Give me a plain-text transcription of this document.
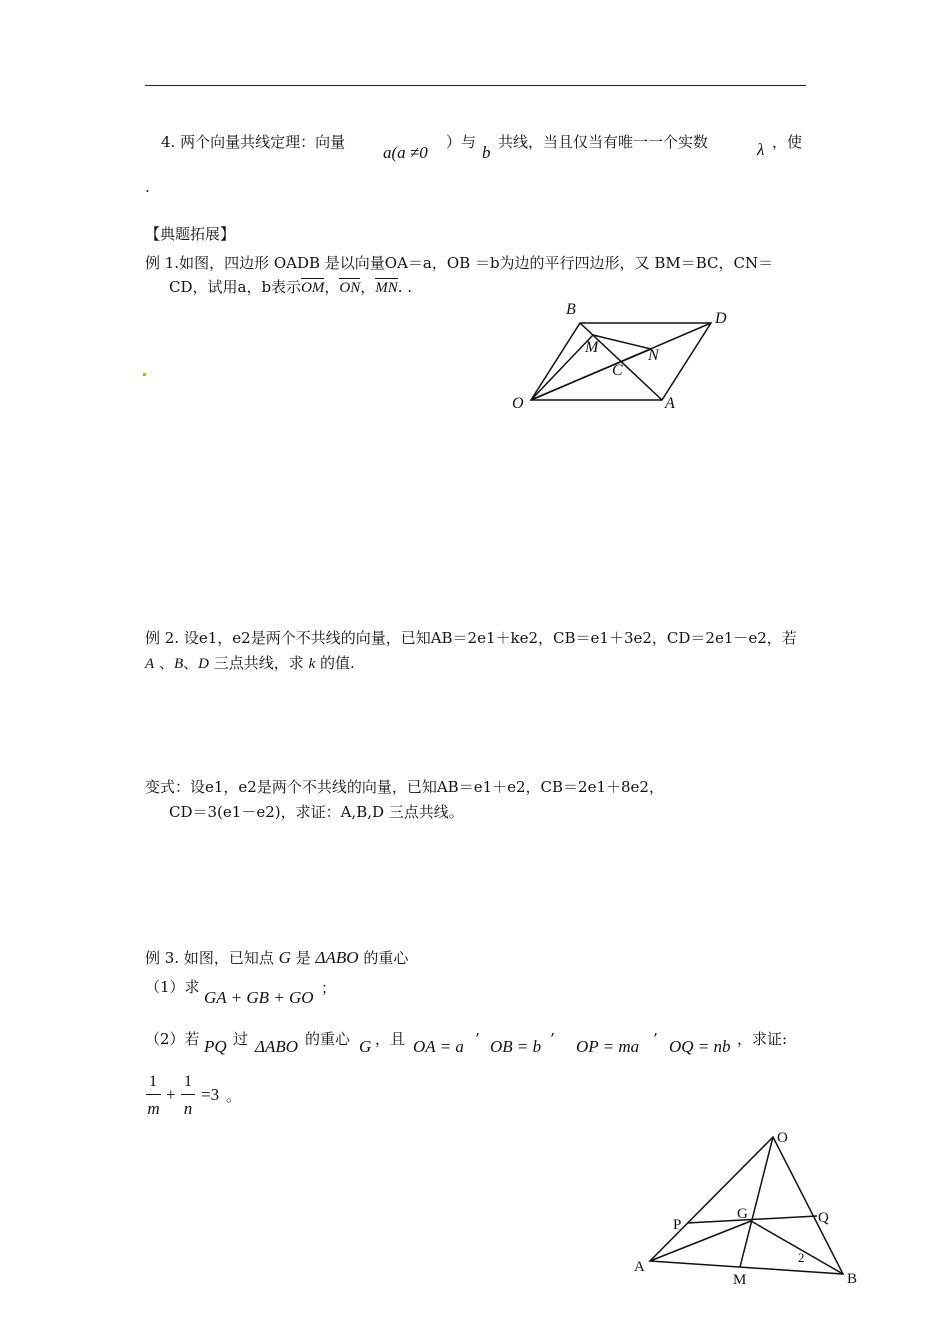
4. 两个向量共线定理：向量
a(a ≠0
）与
b
共线，当且仅当有唯一一个实数	λ ，使
.
【典题拓展】
例 1.如图，四边形 OADB 是以向量OA＝a，OB ＝b为边的平行四边形，又 BM＝BC，CN＝
CD，试用a，b表示OM，ON，MN. .
B
D
M	N
C
O	A
例 2. 设e1，e2是两个不共线的向量，已知AB＝2e1＋ke2，CB＝e1＋3e2，CD＝2e1－e2，若
A 、B、D 三点共线，求 k 的值.
变式：设e1，e2是两个不共线的向量，已知AB＝e1＋e2，CB＝2e1＋8e2，
CD＝3(e1－e2)，求证：A,B,D 三点共线。
例 3. 如图，已知点 G 是 ΔABO 的重心
（1）求
GA + GB + GO ；
（2）若 PQ 过 ΔABO 的重心 G ，且 OA = a ’ OB = b ’ OP = ma ’ OQ = nb ，求证:
1
m
+
1
n
=3 。
O
P
G	Q
A
M	B
2
